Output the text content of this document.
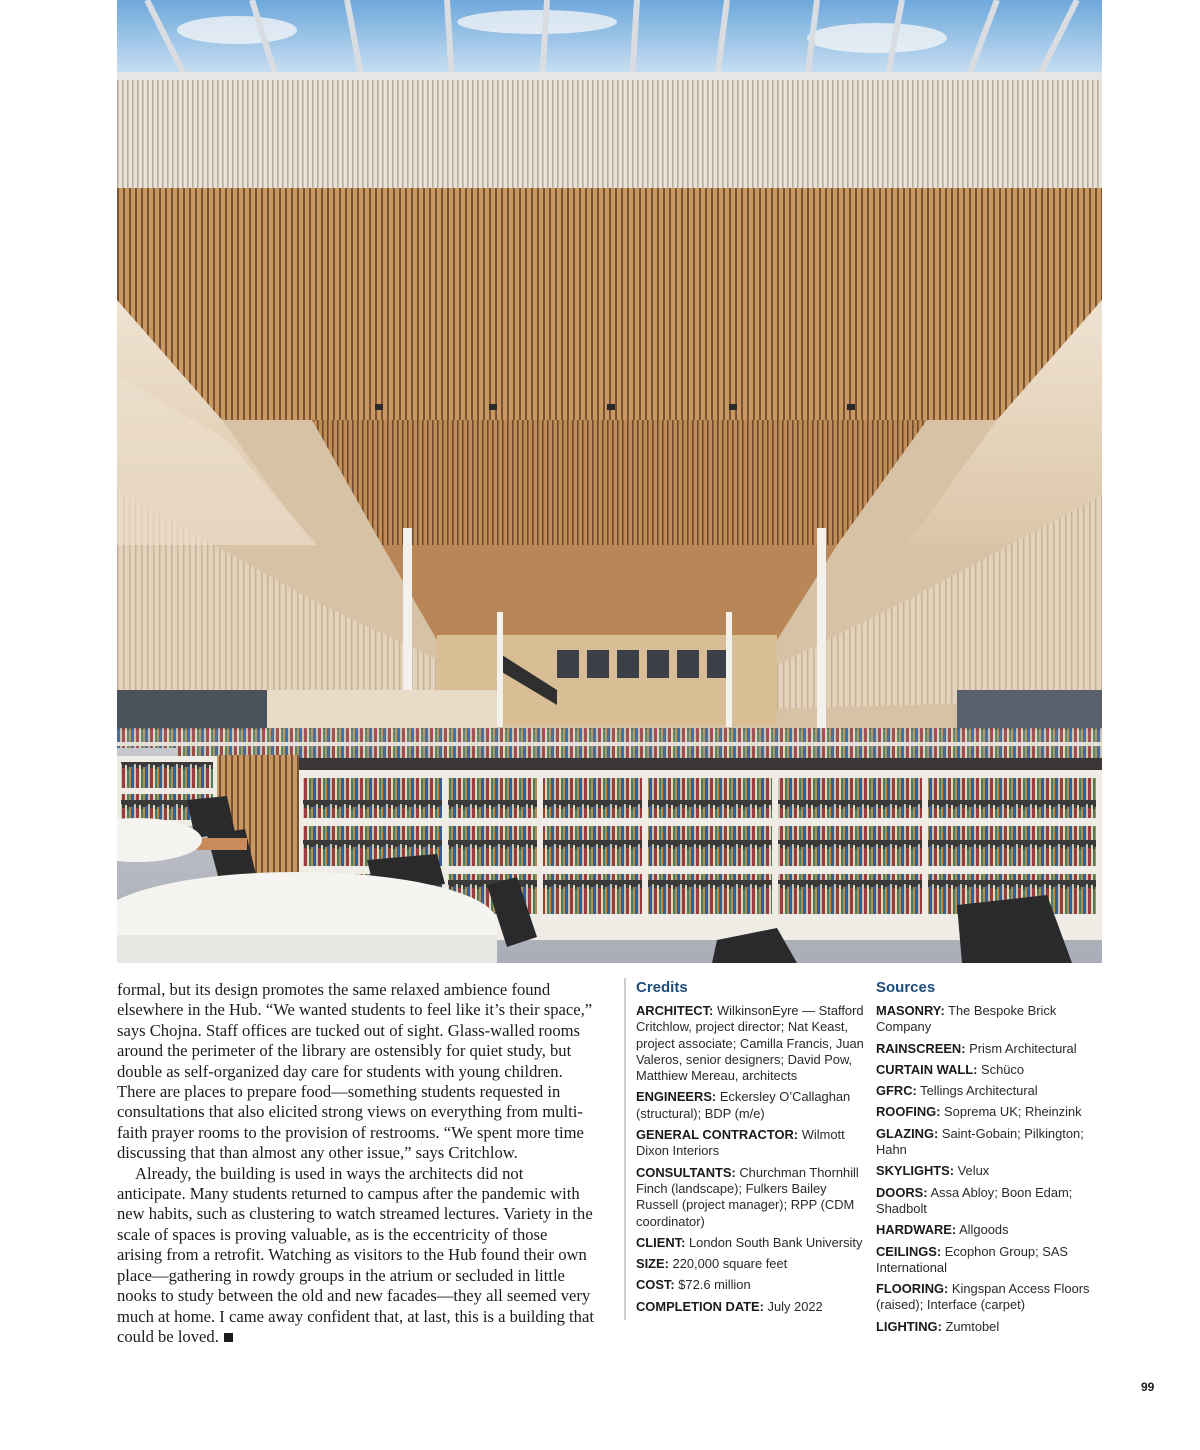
formal, but its design promotes the same relaxed ambience found elsewhere in the Hub. “We wanted students to feel like it’s their space,” says Chojna. Staff offices are tucked out of sight. Glass-walled rooms around the perimeter of the library are ostensibly for quiet study, but double as self-organized day care for students with young children. There are places to prepare food—something students requested in consultations that also elicited strong views on everything from multi-faith prayer rooms to the provision of restrooms. “We spent more time discussing that than almost any other issue,” says Critchlow.

Already, the building is used in ways the architects did not anticipate. Many students returned to campus after the pandemic with new habits, such as clustering to watch streamed lectures. Variety in the scale of spaces is proving valuable, as is the eccentricity of those arising from a retrofit. Watching as visitors to the Hub found their own place—gathering in rowdy groups in the atrium or secluded in little nooks to study between the old and new facades—they all seemed very much at home. I came away confident that, at last, this is a building that could be loved.

Credits
ARCHITECT: WilkinsonEyre — Stafford Critchlow, project director; Nat Keast, project associate; Camilla Francis, Juan Valeros, senior designers; David Pow, Matthiew Mereau, architects
ENGINEERS: Eckersley O’Callaghan (structural); BDP (m/e)
GENERAL CONTRACTOR: Wilmott Dixon Interiors
CONSULTANTS: Churchman Thornhill Finch (landscape); Fulkers Bailey Russell (project manager); RPP (CDM coordinator)
CLIENT: London South Bank University
SIZE: 220,000 square feet
COST: $72.6 million
COMPLETION DATE: July 2022
Sources
MASONRY: The Bespoke Brick Company
RAINSCREEN: Prism Architectural
CURTAIN WALL: Schüco
GFRC: Tellings Architectural
ROOFING: Soprema UK; Rheinzink
GLAZING: Saint-Gobain; Pilkington; Hahn
SKYLIGHTS: Velux
DOORS: Assa Abloy; Boon Edam; Shadbolt
HARDWARE: Allgoods
CEILINGS: Ecophon Group; SAS International
FLOORING: Kingspan Access Floors (raised); Interface (carpet)
LIGHTING: Zumtobel
99
